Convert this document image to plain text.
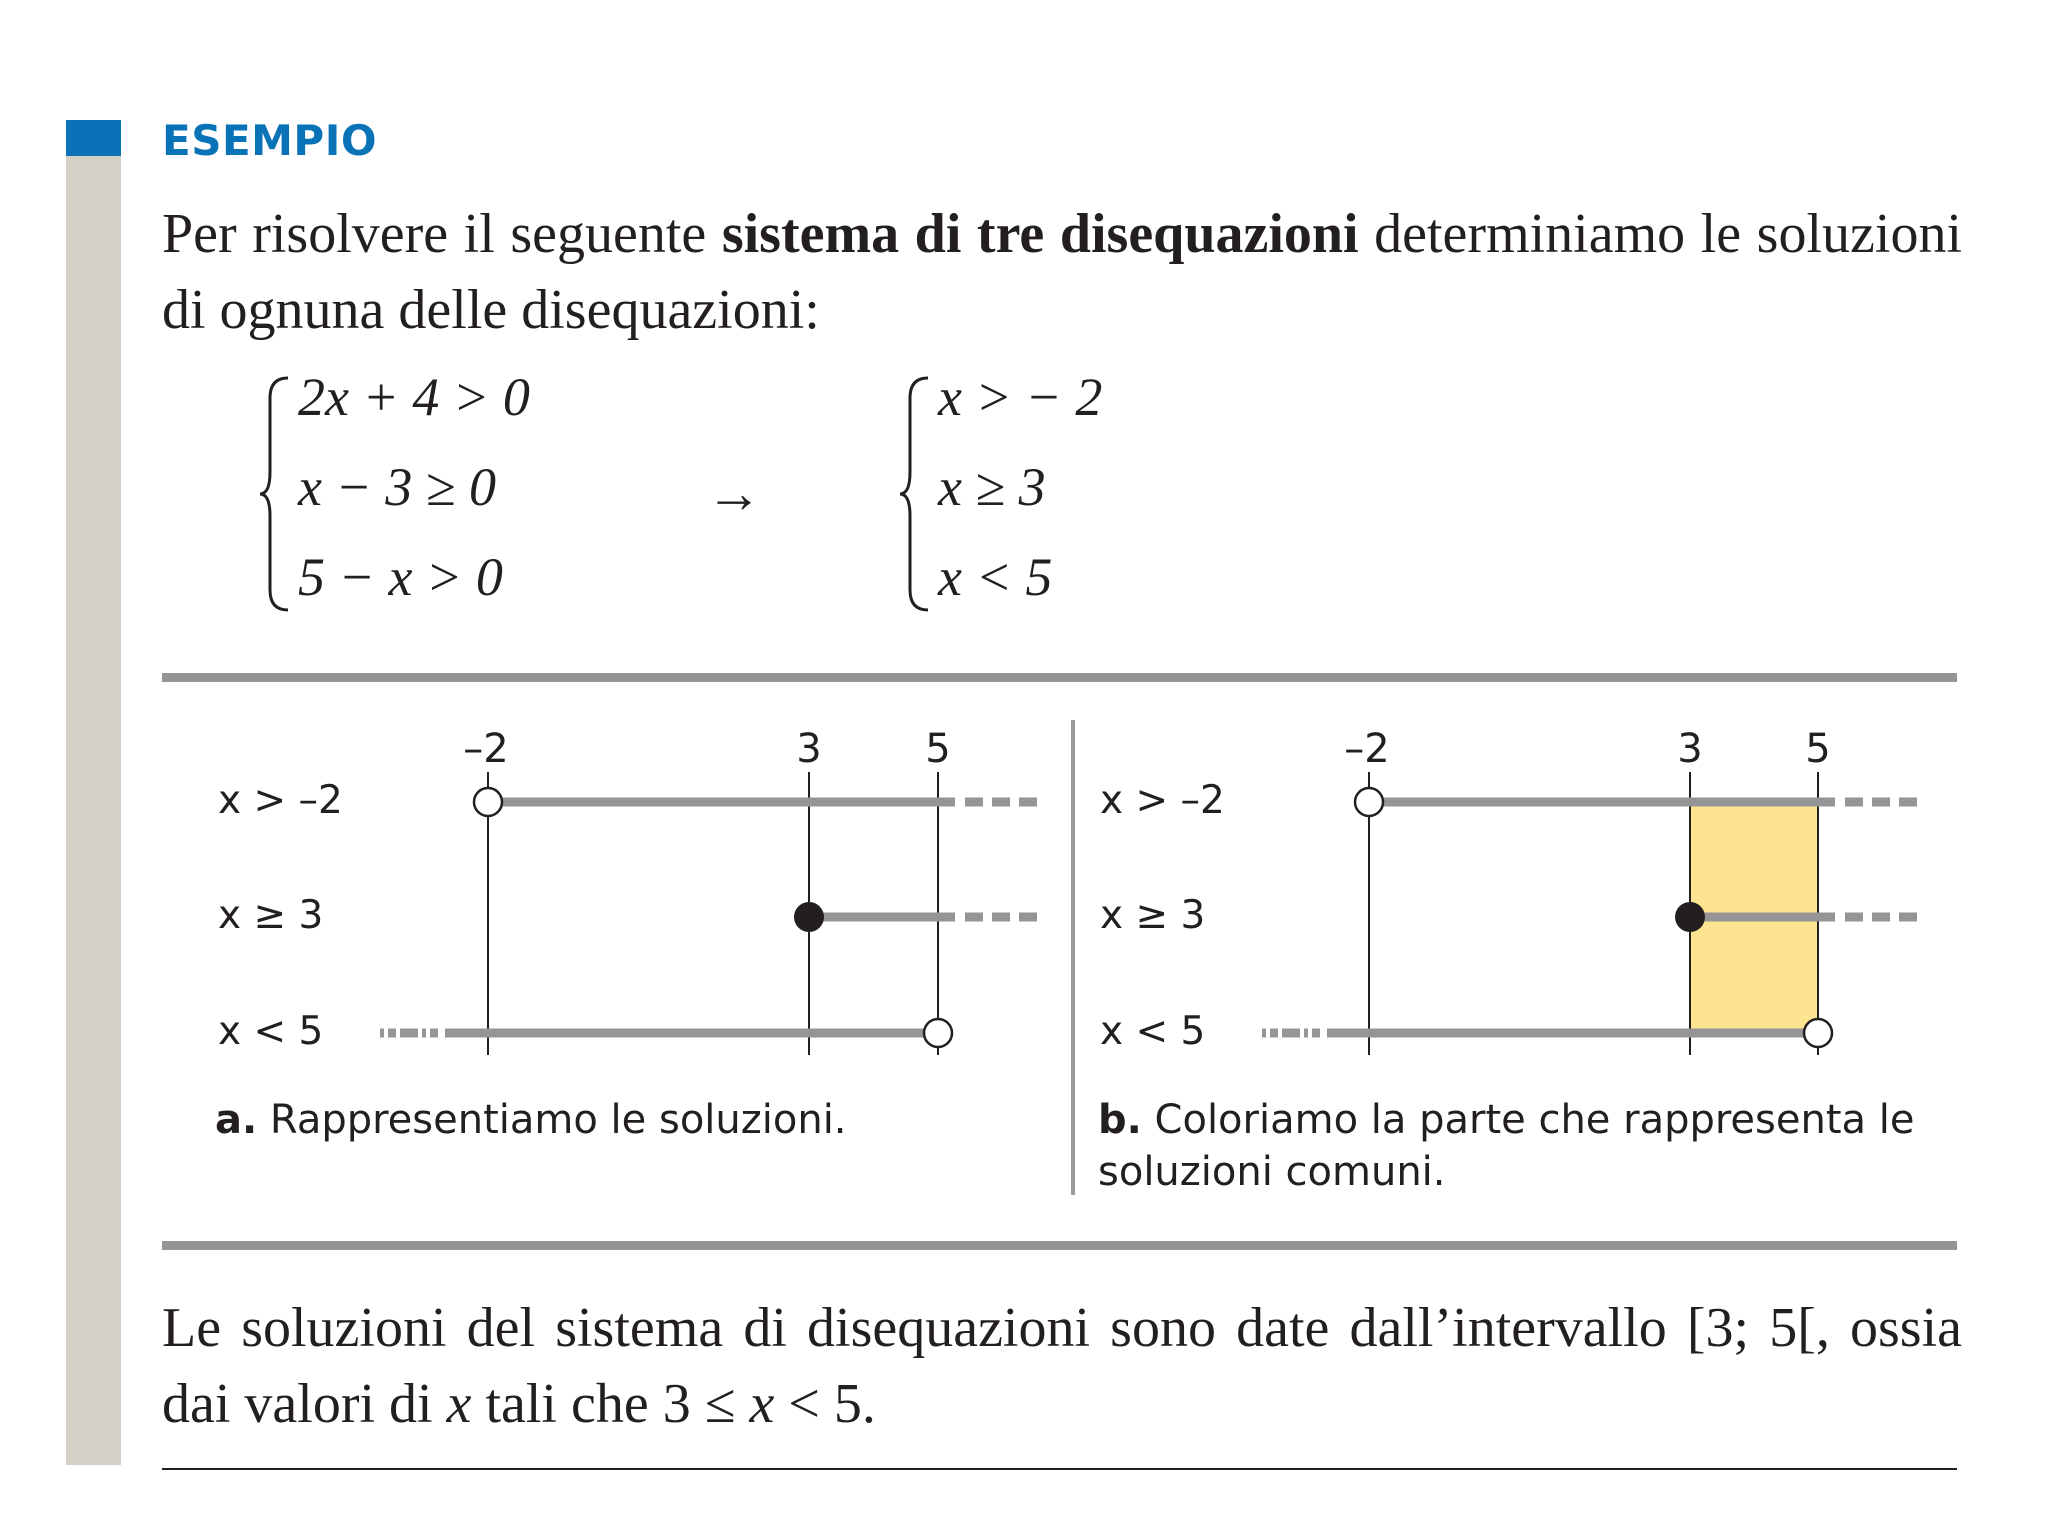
ESEMPIO
Per risolvere il seguente sistema di tre disequazioni determiniamo le soluzioni di ognuna delle disequazioni:
2x + 4 > 0
x − 3 ≥ 0
5 − x > 0
→
x > − 2
x ≥ 3
x < 5
–2	3	5
x > –2
x ≥ 3
x < 5
a. Rappresentiamo le soluzioni.
–2	3	5
x > –2
x ≥ 3
x < 5
b. Coloriamo la parte che rappresenta le soluzioni comuni.
Le soluzioni del sistema di disequazioni sono date dall’intervallo [3; 5[, ossia dai valori di x tali che 3 ≤ x < 5.
